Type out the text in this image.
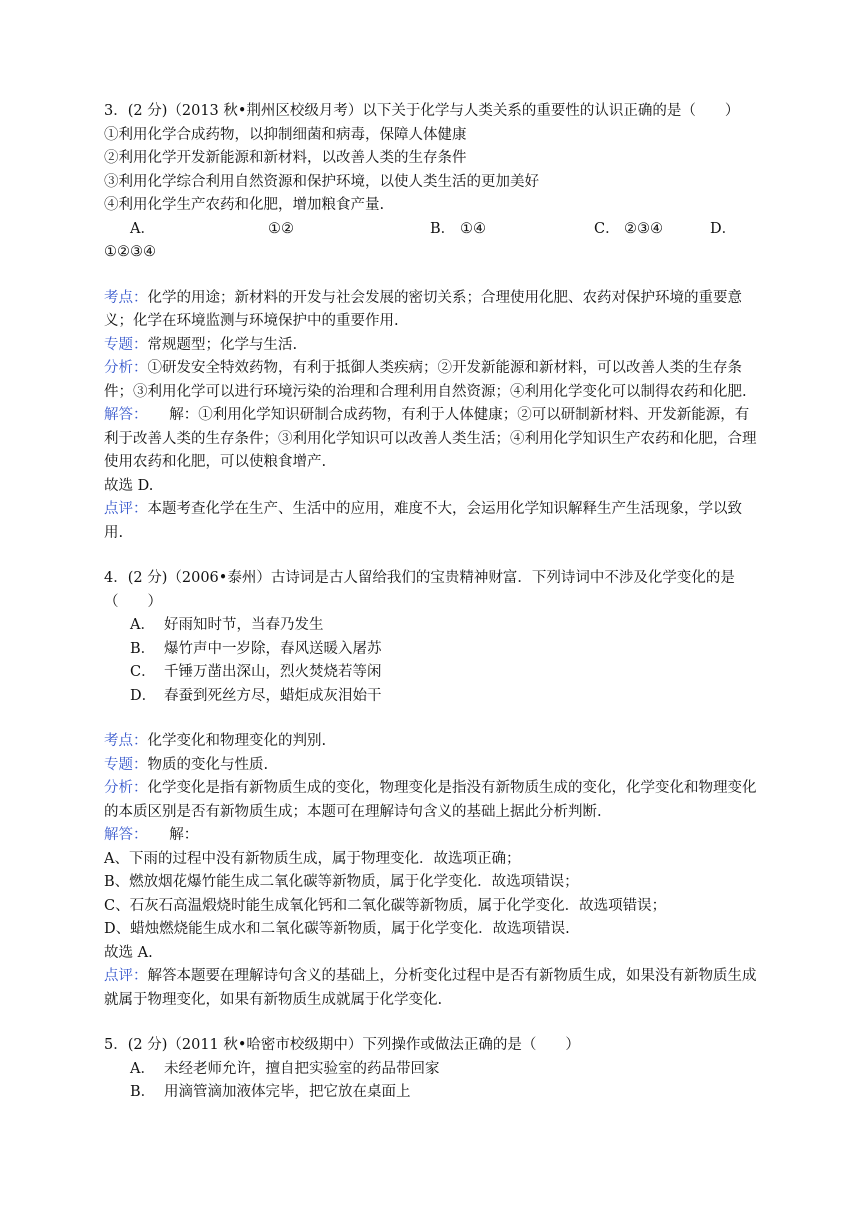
3．(2 分)（2013 秋•荆州区校级月考）以下关于化学与人类关系的重要性的认识正确的是（　　）
①利用化学合成药物，以抑制细菌和病毒，保障人体健康
②利用化学开发新能源和新材料，以改善人类的生存条件
③利用化学综合利用自然资源和保护环境，以使人类生活的更加美好
④利用化学生产农药和化肥，增加粮食产量.
A．	①②	B． ①④	C． ②③④	D．
①②③④
考点：化学的用途；新材料的开发与社会发展的密切关系；合理使用化肥、农药对保护环境的重要意义；化学在环境监测与环境保护中的重要作用.
专题：常规题型；化学与生活.
分析：①研发安全特效药物，有利于抵御人类疾病；②开发新能源和新材料，可以改善人类的生存条件；③利用化学可以进行环境污染的治理和合理利用自然资源；④利用化学变化可以制得农药和化肥.
解答：   解：①利用化学知识研制合成药物，有利于人体健康；②可以研制新材料、开发新能源，有利于改善人类的生存条件；③利用化学知识可以改善人类生活；④利用化学知识生产农药和化肥，合理使用农药和化肥，可以使粮食增产.
故选 D.
点评：本题考查化学在生产、生活中的应用，难度不大，会运用化学知识解释生产生活现象，学以致用.
4．(2 分)（2006•泰州）古诗词是古人留给我们的宝贵精神财富．下列诗词中不涉及化学变化的是（　　）
A． 好雨知时节，当春乃发生
B． 爆竹声中一岁除，春风送暖入屠苏
C． 千锤万凿出深山，烈火焚烧若等闲
D． 春蚕到死丝方尽，蜡炬成灰泪始干
考点：化学变化和物理变化的判别.
专题：物质的变化与性质.
分析：化学变化是指有新物质生成的变化，物理变化是指没有新物质生成的变化，化学变化和物理变化的本质区别是否有新物质生成；本题可在理解诗句含义的基础上据此分析判断.
解答：   解：
A、下雨的过程中没有新物质生成，属于物理变化．故选项正确；
B、燃放烟花爆竹能生成二氧化碳等新物质，属于化学变化．故选项错误；
C、石灰石高温煅烧时能生成氧化钙和二氧化碳等新物质，属于化学变化．故选项错误；
D、蜡烛燃烧能生成水和二氧化碳等新物质，属于化学变化．故选项错误.
故选 A.
点评：解答本题要在理解诗句含义的基础上，分析变化过程中是否有新物质生成，如果没有新物质生成就属于物理变化，如果有新物质生成就属于化学变化.
5．(2 分)（2011 秋•哈密市校级期中）下列操作或做法正确的是（　　）
A． 未经老师允许，擅自把实验室的药品带回家
B． 用滴管滴加液体完毕，把它放在桌面上
